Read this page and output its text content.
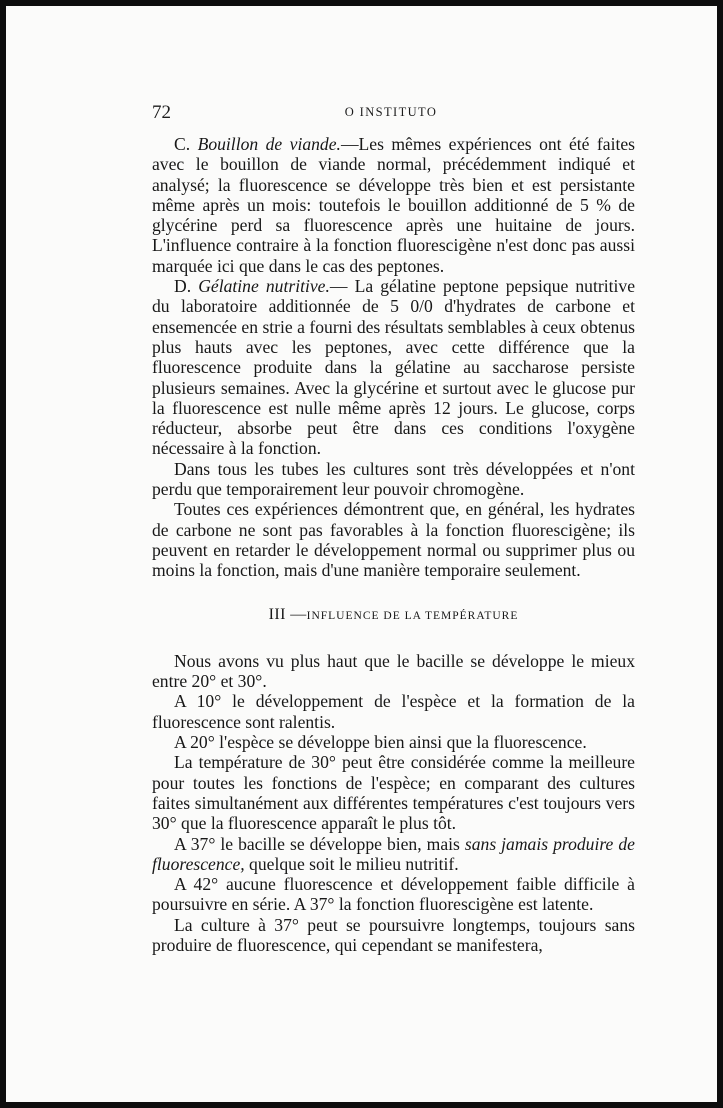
72	O INSTITUTO

C. Bouillon de viande.—Les mêmes expériences ont été faites avec le bouillon de viande normal, précédemment indiqué et analysé; la fluorescence se développe très bien et est persistante même après un mois: toutefois le bouillon additionné de 5 % de glycérine perd sa fluorescence après une huitaine de jours. L'influence contraire à la fonction fluorescigène n'est donc pas aussi marquée ici que dans le cas des peptones.

D. Gélatine nutritive.— La gélatine peptone pepsique nutritive du laboratoire additionnée de 5 0/0 d'hydrates de carbone et ensemencée en strie a fourni des résultats semblables à ceux obtenus plus hauts avec les peptones, avec cette différence que la fluorescence produite dans la gélatine au saccharose persiste plusieurs semaines. Avec la glycérine et surtout avec le glucose pur la fluorescence est nulle même après 12 jours. Le glucose, corps réducteur, absorbe peut être dans ces conditions l'oxygène nécessaire à la fonction.

Dans tous les tubes les cultures sont très développées et n'ont perdu que temporairement leur pouvoir chromogène.

Toutes ces expériences démontrent que, en général, les hydrates de carbone ne sont pas favorables à la fonction fluorescigène; ils peuvent en retarder le développement normal ou supprimer plus ou moins la fonction, mais d'une manière temporaire seulement.

III —INFLUENCE DE LA TEMPÉRATURE

Nous avons vu plus haut que le bacille se développe le mieux entre 20° et 30°.

A 10° le développement de l'espèce et la formation de la fluorescence sont ralentis.

A 20° l'espèce se développe bien ainsi que la fluorescence.

La température de 30° peut être considérée comme la meilleure pour toutes les fonctions de l'espèce; en comparant des cultures faites simultanément aux différentes températures c'est toujours vers 30° que la fluorescence apparaît le plus tôt.

A 37° le bacille se développe bien, mais sans jamais produire de fluorescence, quelque soit le milieu nutritif.

A 42° aucune fluorescence et développement faible difficile à poursuivre en série. A 37° la fonction fluorescigène est latente.

La culture à 37° peut se poursuivre longtemps, toujours sans produire de fluorescence, qui cependant se manifestera,
